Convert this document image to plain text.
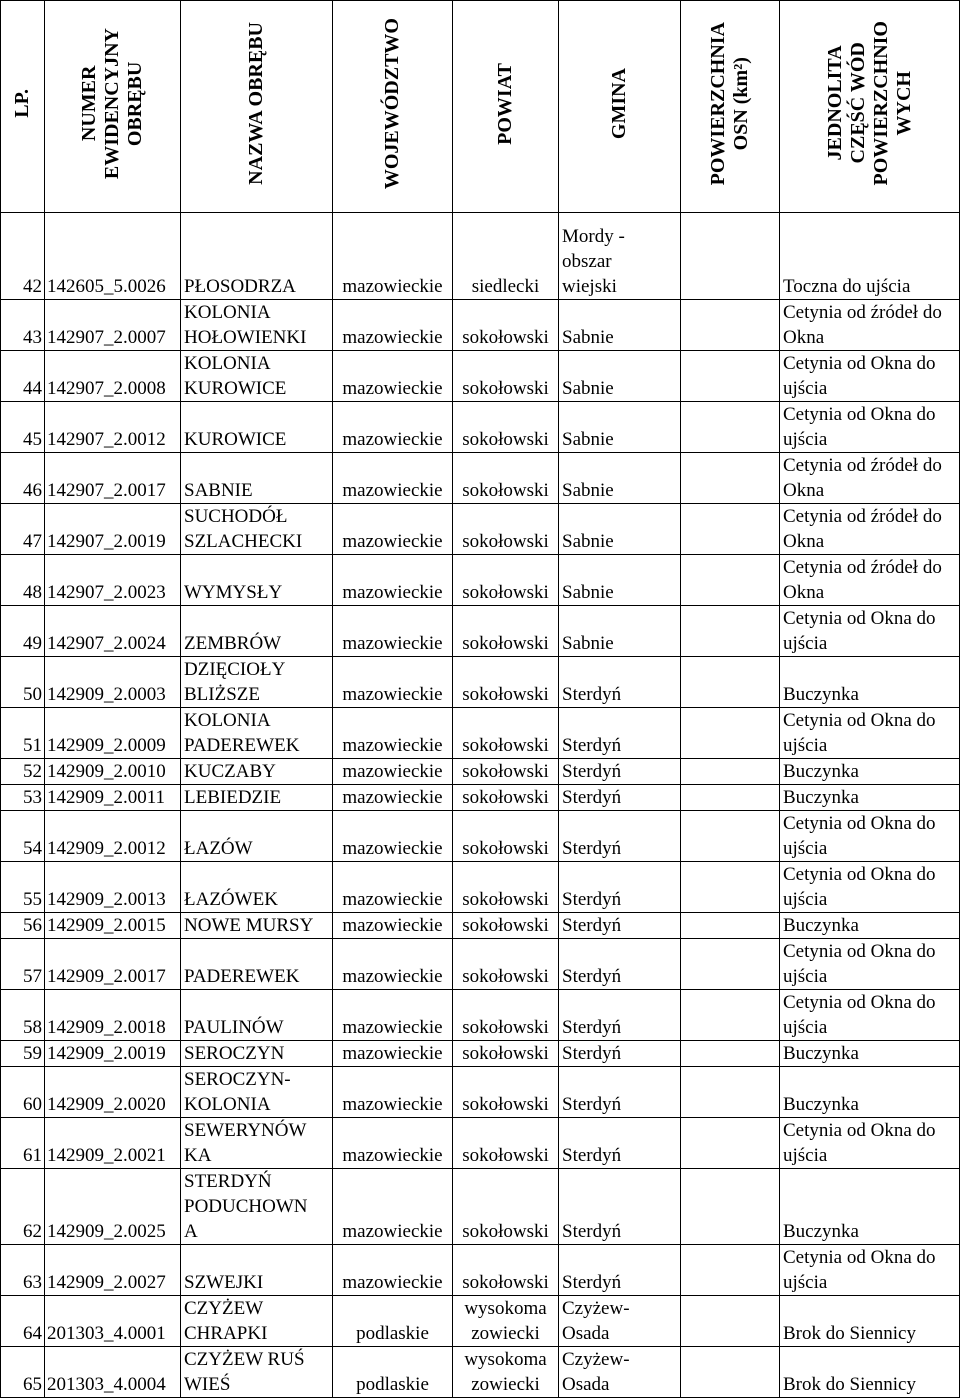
LP.	NUMER
EWIDENCYJNY
OBRĘBU	NAZWA OBRĘBU	WOJEWÓDZTWO	POWIAT	GMINA	POWIERZCHNIA
OSN (km²)	JEDNOLITA
CZĘŚĆ WÓD
POWIERZCHNIO
WYCH
42	142605_5.0026	PŁOSODRZA	mazowieckie	siedlecki	Mordy -
obszar
wiejski		Toczna do ujścia
43	142907_2.0007	KOLONIA
HOŁOWIENKI	mazowieckie	sokołowski	Sabnie		Cetynia od źródeł do
Okna
44	142907_2.0008	KOLONIA
KUROWICE	mazowieckie	sokołowski	Sabnie		Cetynia od Okna do
ujścia
45	142907_2.0012	KUROWICE	mazowieckie	sokołowski	Sabnie		Cetynia od Okna do
ujścia
46	142907_2.0017	SABNIE	mazowieckie	sokołowski	Sabnie		Cetynia od źródeł do
Okna
47	142907_2.0019	SUCHODÓŁ
SZLACHECKI	mazowieckie	sokołowski	Sabnie		Cetynia od źródeł do
Okna
48	142907_2.0023	WYMYSŁY	mazowieckie	sokołowski	Sabnie		Cetynia od źródeł do
Okna
49	142907_2.0024	ZEMBRÓW	mazowieckie	sokołowski	Sabnie		Cetynia od Okna do
ujścia
50	142909_2.0003	DZIĘCIOŁY
BLIŻSZE	mazowieckie	sokołowski	Sterdyń		Buczynka
51	142909_2.0009	KOLONIA
PADEREWEK	mazowieckie	sokołowski	Sterdyń		Cetynia od Okna do
ujścia
52	142909_2.0010	KUCZABY	mazowieckie	sokołowski	Sterdyń		Buczynka
53	142909_2.0011	LEBIEDZIE	mazowieckie	sokołowski	Sterdyń		Buczynka
54	142909_2.0012	ŁAZÓW	mazowieckie	sokołowski	Sterdyń		Cetynia od Okna do
ujścia
55	142909_2.0013	ŁAZÓWEK	mazowieckie	sokołowski	Sterdyń		Cetynia od Okna do
ujścia
56	142909_2.0015	NOWE MURSY	mazowieckie	sokołowski	Sterdyń		Buczynka
57	142909_2.0017	PADEREWEK	mazowieckie	sokołowski	Sterdyń		Cetynia od Okna do
ujścia
58	142909_2.0018	PAULINÓW	mazowieckie	sokołowski	Sterdyń		Cetynia od Okna do
ujścia
59	142909_2.0019	SEROCZYN	mazowieckie	sokołowski	Sterdyń		Buczynka
60	142909_2.0020	SEROCZYN-
KOLONIA	mazowieckie	sokołowski	Sterdyń		Buczynka
61	142909_2.0021	SEWERYNÓW
KA	mazowieckie	sokołowski	Sterdyń		Cetynia od Okna do
ujścia
62	142909_2.0025	STERDYŃ
PODUCHOWN
A	mazowieckie	sokołowski	Sterdyń		Buczynka
63	142909_2.0027	SZWEJKI	mazowieckie	sokołowski	Sterdyń		Cetynia od Okna do
ujścia
64	201303_4.0001	CZYŻEW
CHRAPKI	podlaskie	wysokoma
zowiecki	Czyżew-
Osada		Brok do Siennicy
65	201303_4.0004	CZYŻEW RUŚ
WIEŚ	podlaskie	wysokoma
zowiecki	Czyżew-
Osada		Brok do Siennicy
